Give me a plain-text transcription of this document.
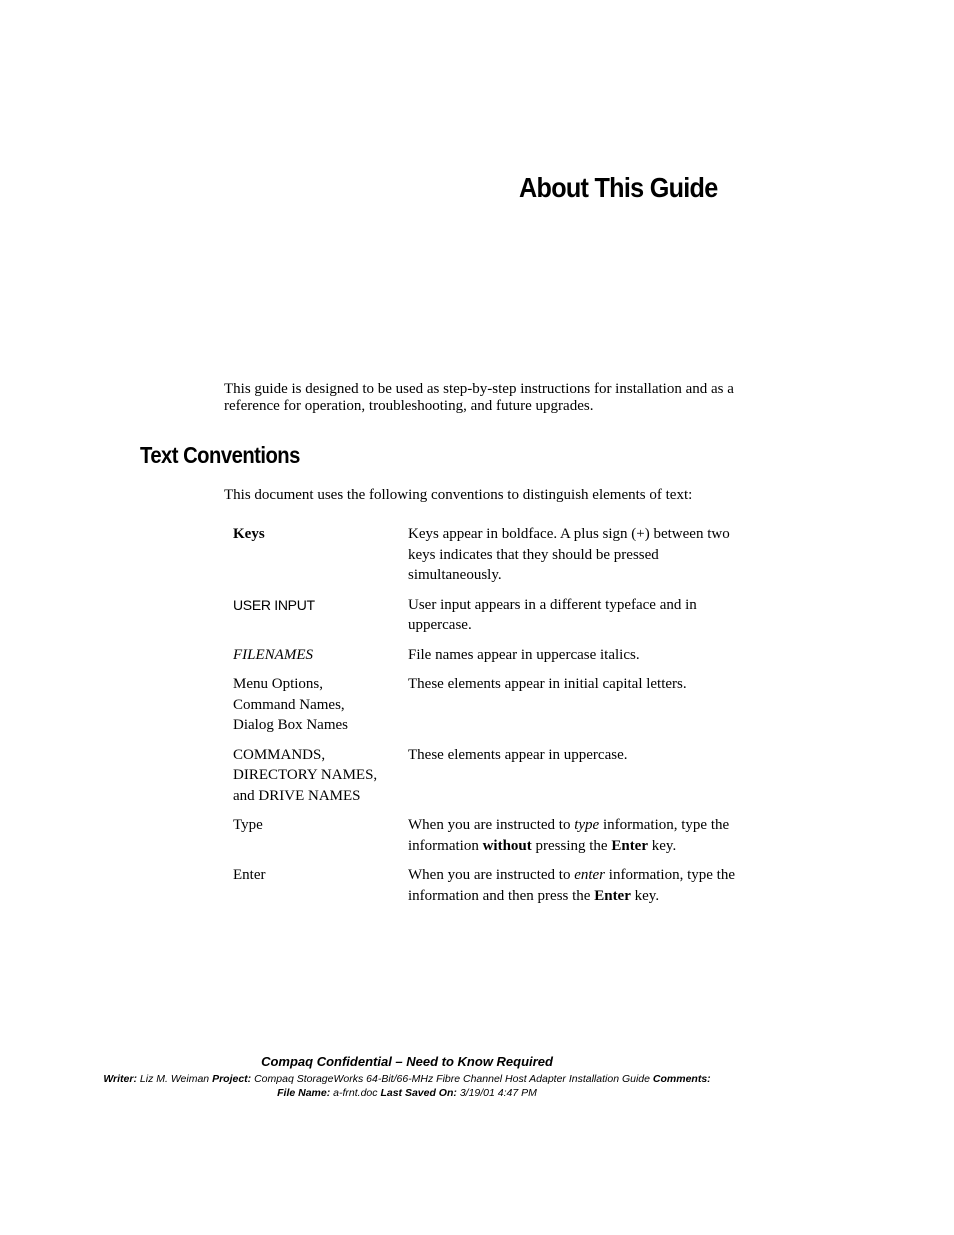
About This Guide

This guide is designed to be used as step-by-step instructions for installation and as a reference for operation, troubleshooting, and future upgrades.

Text Conventions

This document uses the following conventions to distinguish elements of text:

Keys	Keys appear in boldface. A plus sign (+) between two keys indicates that they should be pressed simultaneously.
USER INPUT	User input appears in a different typeface and in uppercase.
FILENAMES	File names appear in uppercase italics.
Menu Options,
Command Names,
Dialog Box Names	These elements appear in initial capital letters.
COMMANDS,
DIRECTORY NAMES,
and DRIVE NAMES	These elements appear in uppercase.
Type	When you are instructed to type information, type the information without pressing the Enter key.
Enter	When you are instructed to enter information, type the information and then press the Enter key.
Compaq Confidential – Need to Know Required
Writer: Liz M. Weiman Project: Compaq StorageWorks 64-Bit/66-MHz Fibre Channel Host Adapter Installation Guide Comments:
File Name: a-frnt.doc Last Saved On: 3/19/01 4:47 PM
